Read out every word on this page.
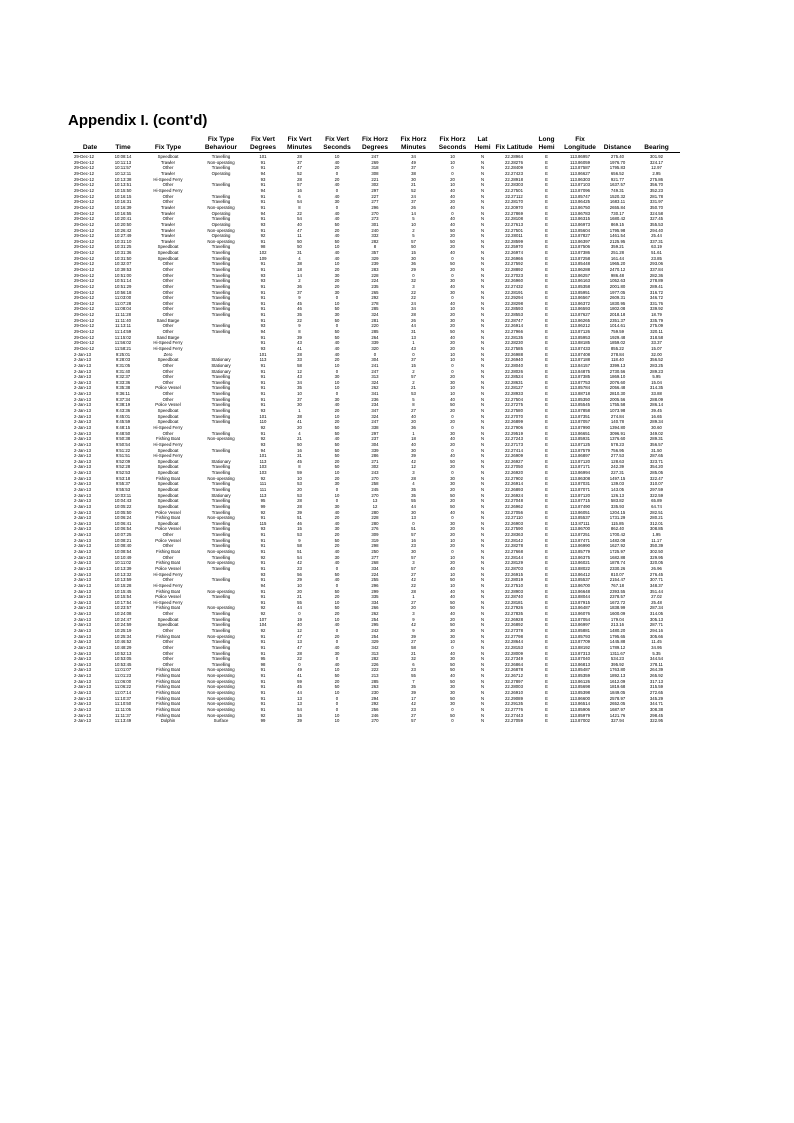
Appendix I. (cont'd)
Date	Time	Fix Type	Fix Type Behaviour	Fix Vert Degrees	Fix Vert Minutes	Fix Vert Seconds	Fix Horz Degrees	Fix Horz Minutes	Fix Horz Seconds	Lat Hemi	Fix Latitude	Long Hemi	Fix Longitude	Distance	Bearing
29-Dec-12	10:08:14	Speedboat	Travelling	101	28	10	247	34	10	N	22.28964	E	113.86957	275.40	301.92
29-Dec-12	10:11:13	Trawler	Non-operating	91	37	40	269	49	10	N	22.28276	E	113.86059	1976.70	324.17
29-Dec-12	10:11:57	Other	Travelling	91	47	20	318	37	0	N	22.28409	E	113.87587	1795.83	12.97
29-Dec-12	10:12:11	Trawler	Operating	94	52	0	308	38	0	N	22.27423	E	113.86627	656.52	2.95
29-Dec-12	10:13:38	Hi-Speed Ferry		93	28	20	221	30	20	N	22.28918	E	113.86303	921.77	275.86
29-Dec-12	10:13:51	Other	Travelling	91	57	40	302	21	10	N	22.28303	E	113.87103	1637.57	356.70
29-Dec-12	10:15:50	Hi-Speed Ferry		94	16	0	297	52	40	N	22.27501	E	113.87096	749.31	352.23
29-Dec-12	10:16:15	Other	Travelling	91	6	40	227	24	40	N	22.27112	E	113.85747	1520.32	281.78
29-Dec-12	10:16:31	Other	Travelling	91	54	30	277	37	20	N	22.28170	E	113.86425	1683.11	331.97
29-Dec-12	10:16:39	Trawler	Non-operating	91	8	0	296	26	40	N	22.20970	E	113.86750	2655.84	350.70
29-Dec-12	10:16:55	Trawler	Operating	94	22	40	270	14	0	N	22.27869	E	113.86783	730.17	324.58
29-Dec-12	10:20:41	Other	Travelling	91	54	40	273	5	40	N	22.28108	E	113.86315	1680.42	327.45
29-Dec-12	10:20:50	Trawler	Operating	93	40	50	301	10	40	N	22.27613	E	113.86973	869.15	355.53
29-Dec-12	10:26:42	Trawler	Non-operating	91	47	20	240	2	50	N	22.27501	E	113.85604	1795.98	294.40
29-Dec-12	10:27:49	Trawler	Operating	92	11	40	332	5	20	N	22.28011	E	113.87827	1461.54	25.44
29-Dec-12	10:31:10	Trawler	Non-operating	91	50	50	282	57	50	N	22.28599	E	113.86397	2125.95	337.31
29-Dec-12	10:31:25	Speedboat	Travelling	98	50	10	8	50	20	N	22.25970	E	113.87506	359.21	63.19
29-Dec-12	10:31:36	Speedboat	Travelling	102	31	40	357	15	40	N	22.26974	E	113.87386	251.28	51.61
29-Dec-12	10:31:50	Speedboat	Travelling	109	4	40	329	30	0	N	22.26966	E	113.87258	161.44	23.85
29-Dec-12	10:32:07	Other	Travelling	91	38	10	239	36	50	N	22.27592	E	113.85448	1965.20	293.06
29-Dec-12	10:39:53	Other	Travelling	91	18	20	283	29	20	N	22.28892	E	113.86288	2470.12	337.84
29-Dec-12	10:51:00	Other	Travelling	93	14	30	228	0	0	N	22.27023	E	113.86257	986.48	282.36
29-Dec-12	10:51:14	Other	Travelling	93	2	20	224	32	30	N	22.26960	E	113.86163	1052.63	278.89
29-Dec-12	10:51:29	Other	Travelling	91	36	20	235	3	40	N	22.27432	E	113.85358	2001.80	289.41
29-Dec-12	10:56:18	Other	Travelling	91	37	30	265	22	30	N	22.28191	E	113.85951	1977.05	316.72
29-Dec-12	11:03:00	Other	Travelling	91	9	0	292	22	0	N	22.29294	E	113.86567	2609.31	346.72
29-Dec-12	11:07:28	Other	Travelling	91	45	10	278	24	40	N	22.28298	E	113.86372	1830.95	331.76
29-Dec-12	11:08:04	Other	Travelling	91	46	50	285	34	10	N	22.28593	E	113.86593	1802.08	339.92
29-Dec-12	11:11:28	Other	Travelling	91	35	30	324	28	20	N	22.28553	E	113.87627	2018.18	18.79
29-Dec-12	11:11:40	Sand Barge		91	22	50	281	26	30	N	22.28747	E	113.86265	2351.37	335.79
29-Dec-12	11:13:11	Other	Travelling	93	9	0	220	44	20	N	22.26914	E	113.86212	1014.61	275.09
29-Dec-12	11:14:59	Other	Travelling	94	8	50	285	31	50	N	22.27966	E	113.87126	759.59	320.11
29-Dec-12	11:15:02	Sand Barge		91	39	50	264	13	40	N	22.28135	E	113.85953	1929.48	318.58
29-Dec-12	11:56:02	Hi-Speed Ferry		91	43	40	339	1	20	N	22.28230	E	113.88185	1859.02	33.37
29-Dec-12	11:58:21	Hi-Speed Ferry		93	41	40	320	43	20	N	22.27585	E	113.87433	855.22	15.07
2-Jan-13	9:25:01	Zero		101	28	40	0	0	10	N	22.26988	E	113.87408	278.84	32.00
2-Jan-13	9:28:03	Speedboat	Stationary	113	33	20	304	37	10	N	22.26940	E	113.87188	118.40	356.52
2-Jan-13	9:31:05	Other	Stationary	91	58	10	241	15	0	N	22.28040	E	113.84157	3399.13	283.25
2-Jan-13	9:31:40	Other	Stationary	91	12	0	247	2	0	N	22.28026	E	113.84875	2730.56	289.23
2-Jan-13	9:32:37	Other	Travelling	91	43	30	313	57	20	N	22.28524	E	113.87385	1869.10	5.95
2-Jan-13	9:33:36	Other	Travelling	91	34	10	324	2	30	N	22.28631	E	113.87753	2076.60	15.04
2-Jan-13	9:35:38	Police Vessel	Travelling	91	35	10	262	21	10	N	22.28127	E	113.85784	2056.48	314.35
2-Jan-13	9:36:11	Other	Travelling	91	10	0	341	53	10	N	22.28933	E	113.88718	2810.30	33.88
2-Jan-13	9:37:34	Other	Travelling	91	37	30	236	5	40	N	22.27504	E	113.85350	2005.56	288.09
2-Jan-13	9:38:19	Police Vessel	Travelling	91	30	40	234	8	50	N	22.27275	E	113.85545	1755.58	286.14
2-Jan-13	9:43:36	Speedboat	Travelling	93	1	20	347	27	20	N	22.27580	E	113.87858	1073.98	39.45
2-Jan-13	9:45:01	Speedboat	Travelling	101	38	10	324	40	0	N	22.27070	E	113.87351	274.84	16.65
2-Jan-13	9:45:59	Speedboat	Travelling	110	41	20	247	20	20	N	22.26899	E	113.87057	140.78	289.34
2-Jan-13	9:48:15	Hi-Speed Ferry		92	20	50	338	36	0	N	22.27906	E	113.87990	1394.80	30.60
2-Jan-13	9:48:50	Other	Travelling	91	4	50	297	1	30	N	22.29519	E	113.86651	3096.91	349.02
2-Jan-13	9:50:38	Fishing Boat	Non-operating	92	21	40	237	18	40	N	22.27243	E	113.85931	1376.60	289.31
2-Jan-13	9:50:54	Hi-Speed Ferry		93	50	50	304	40	20	N	22.27173	E	113.87125	578.23	356.57
2-Jan-13	9:51:22	Speedboat	Travelling	94	16	50	339	30	0	N	22.27414	E	113.87579	756.95	31.50
2-Jan-13	9:51:51	Hi-Speed Ferry		101	31	50	286	39	40	N	22.26909	E	113.86897	277.53	287.65
2-Jan-13	9:52:09	Speedboat	Stationary	113	45	20	271	42	50	N	22.26927	E	113.87120	128.63	323.71
2-Jan-13	9:52:28	Speedboat	Travelling	103	8	50	302	12	20	N	22.27050	E	113.87171	242.39	354.20
2-Jan-13	9:52:53	Speedboat	Travelling	103	59	10	243	3	0	N	22.26920	E	113.86994	227.31	285.05
2-Jan-13	9:53:18	Fishing Boat	Non-operating	92	10	20	270	28	30	N	22.27902	E	113.86308	1497.15	322.47
2-Jan-13	9:55:37	Speedboat	Travelling	111	53	30	258	4	30	N	22.26914	E	113.87031	139.03	310.07
2-Jan-13	9:55:53	Speedboat	Travelling	111	20	0	245	35	20	N	22.26893	E	113.87071	143.05	297.59
2-Jan-13	10:03:11	Speedboat	Stationary	113	53	10	270	35	50	N	22.26924	E	113.87120	126.13	322.59
2-Jan-13	10:04:43	Speedboat	Travelling	95	28	0	13	55	20	N	22.27048	E	113.87715	583.82	65.89
2-Jan-13	10:05:22	Speedboat	Travelling	99	28	30	12	44	50	N	22.26962	E	113.87490	335.93	64.74
2-Jan-13	10:05:50	Police Vessel	Travelling	92	39	40	280	30	40	N	22.27056	E	113.86051	1204.15	282.51
2-Jan-13	10:06:24	Fishing Boat	Non-operating	91	51	20	228	13	0	N	22.27110	E	113.85537	1731.29	280.21
2-Jan-13	10:06:41	Speedboat	Travelling	115	46	40	280	0	30	N	22.26903	E	113.87111	115.85	312.01
2-Jan-13	10:06:54	Police Vessel	Travelling	93	15	30	276	51	20	N	22.27590	E	113.86700	862.40	308.85
2-Jan-13	10:07:25	Other	Travelling	91	53	20	309	57	20	N	22.28363	E	113.87251	1700.42	1.95
2-Jan-13	10:08:21	Police Vessel	Travelling	91	9	50	319	16	10	N	22.28142	E	113.87471	1482.08	11.17
2-Jan-13	10:08:40	Other	Travelling	91	58	20	298	23	20	N	22.28278	E	113.86990	1627.92	350.39
2-Jan-13	10:08:54	Fishing Boat	Non-operating	91	51	40	250	30	0	N	22.27668	E	113.85779	1725.97	302.50
2-Jan-13	10:10:49	Other	Travelling	92	54	30	277	57	10	N	22.28144	E	113.86375	1682.88	329.95
2-Jan-13	10:11:02	Fishing Boat	Non-operating	91	42	40	268	3	20	N	22.28129	E	113.86021	1878.74	320.05
2-Jan-13	10:13:39	Police Vessel	Travelling	91	23	0	334	57	40	N	22.28703	E	113.88022	2330.26	26.96
2-Jan-13	10:13:32	Hi-Speed Ferry		93	56	50	224	27	10	N	22.26915	E	113.86412	810.07	276.45
2-Jan-13	10:13:59	Other	Travelling	91	29	40	255	42	50	N	22.28019	E	113.85537	2154.47	307.71
2-Jan-13	10:15:28	Hi-Speed Ferry		94	10	0	296	22	10	N	22.27510	E	113.86700	767.18	348.37
2-Jan-13	10:15:45	Fishing Boat	Non-operating	91	20	50	299	28	40	N	22.28903	E	113.86648	2393.55	351.44
2-Jan-13	10:15:54	Police Vessel	Travelling	91	21	20	335	1	40	N	22.28740	E	113.88044	2378.57	27.02
2-Jan-13	10:17:54	Hi-Speed Ferry		91	55	10	334	27	50	N	22.28181	E	113.87915	1672.72	25.48
2-Jan-13	10:23:57	Fishing Boat	Non-operating	92	44	50	266	20	50	N	22.27926	E	113.86487	1838.99	287.34
2-Jan-13	10:24:08	Other	Travelling	92	0	20	262	3	40	N	22.27835	E	113.86076	1600.09	314.05
2-Jan-13	10:24:47	Speedboat	Travelling	107	19	10	254	9	20	N	22.26928	E	113.87054	179.04	305.13
2-Jan-13	10:24:59	Speedboat	Travelling	104	40	40	295	42	50	N	22.26892	E	113.86997	213.16	287.71
2-Jan-13	10:25:19	Other	Travelling	92	12	0	242	9	30	N	22.27378	E	113.85881	1480.20	294.16
2-Jan-13	10:25:34	Fishing Boat	Non-operating	91	47	20	254	39	30	N	22.27798	E	113.85793	1795.65	305.66
2-Jan-13	10:46:52	Other	Travelling	91	13	0	329	27	10	N	22.28644	E	113.87709	1445.88	11.45
2-Jan-13	10:48:29	Other	Travelling	91	47	40	342	58	0	N	22.28153	E	113.88192	1789.12	34.95
2-Jan-13	10:52:13	Other	Travelling	91	28	30	313	21	40	N	22.28009	E	113.87313	1311.67	5.35
2-Jan-13	10:53:05	Other	Travelling	95	22	0	282	32	30	N	22.27349	E	113.87040	534.23	344.54
2-Jan-13	10:53:45	Other	Travelling	98	0	40	226	6	50	N	22.26864	E	113.86813	395.92	278.11
2-Jan-13	11:01:07	Fishing Boat	Non-operating	91	49	10	222	23	50	N	22.26878	E	113.85487	1763.80	264.39
2-Jan-13	11:01:23	Fishing Boat	Non-operating	91	41	50	213	55	40	N	22.26712	E	113.85359	1892.13	265.92
2-Jan-13	11:06:00	Fishing Boat	Non-operating	91	59	20	285	7	50	N	22.27897	E	113.86126	1612.09	317.13
2-Jan-13	11:06:22	Fishing Boat	Non-operating	91	45	50	263	35	30	N	22.28003	E	113.85698	1819.68	315.59
2-Jan-13	11:07:14	Fishing Boat	Non-operating	91	44	10	230	39	30	N	22.26910	E	113.85398	1849.05	272.65
2-Jan-13	11:10:37	Fishing Boat	Non-operating	91	13	0	294	17	50	N	22.29089	E	113.86600	2578.97	345.29
2-Jan-13	11:10:50	Fishing Boat	Non-operating	91	13	0	292	42	30	N	22.29135	E	113.86514	2652.05	344.71
2-Jan-13	11:11:05	Fishing Boat	Non-operating	91	54	0	256	23	0	N	22.27776	E	113.85906	1687.97	308.38
2-Jan-13	11:11:37	Fishing Boat	Non-operating	92	15	10	246	27	50	N	22.27443	E	113.85979	1421.76	298.45
2-Jan-13	11:13:49	Dolphin	Surface	99	39	10	270	57	0	N	22.27059	E	113.87002	327.94	322.95
